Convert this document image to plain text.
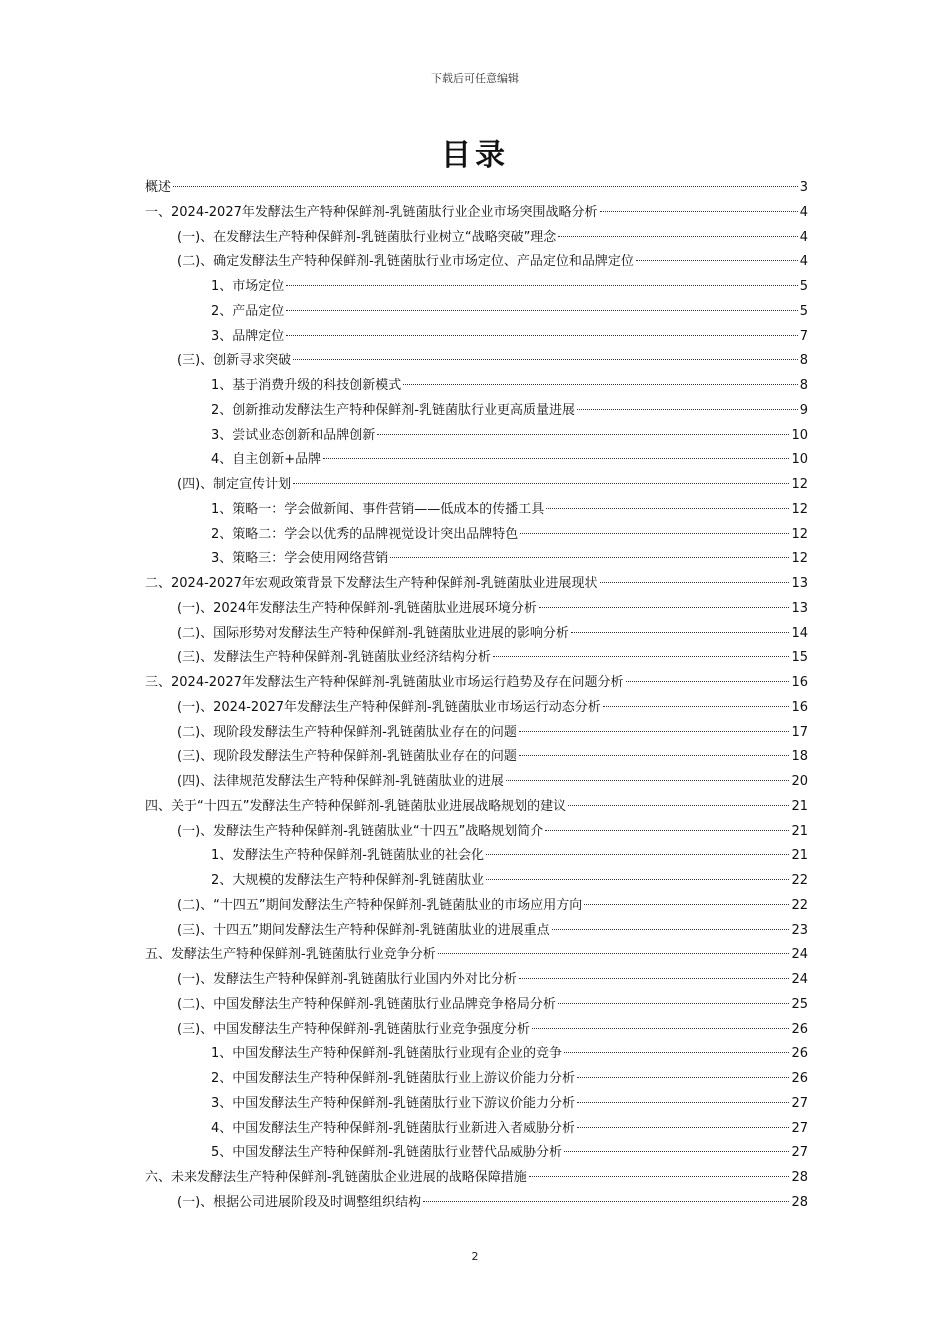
下载后可任意编辑
目录
概述	3
一、2024-2027年发酵法生产特种保鲜剂-乳链菌肽行业企业市场突围战略分析	4
(一)、在发酵法生产特种保鲜剂-乳链菌肽行业树立“战略突破”理念	4
(二)、确定发酵法生产特种保鲜剂-乳链菌肽行业市场定位、产品定位和品牌定位	4
1、市场定位	5
2、产品定位	5
3、品牌定位	7
(三)、创新寻求突破	8
1、基于消费升级的科技创新模式	8
2、创新推动发酵法生产特种保鲜剂-乳链菌肽行业更高质量进展	9
3、尝试业态创新和品牌创新	10
4、自主创新+品牌	10
(四)、制定宣传计划	12
1、策略一：学会做新闻、事件营销——低成本的传播工具	12
2、策略二：学会以优秀的品牌视觉设计突出品牌特色	12
3、策略三：学会使用网络营销	12
二、2024-2027年宏观政策背景下发酵法生产特种保鲜剂-乳链菌肽业进展现状	13
(一)、2024年发酵法生产特种保鲜剂-乳链菌肽业进展环境分析	13
(二)、国际形势对发酵法生产特种保鲜剂-乳链菌肽业进展的影响分析	14
(三)、发酵法生产特种保鲜剂-乳链菌肽业经济结构分析	15
三、2024-2027年发酵法生产特种保鲜剂-乳链菌肽业市场运行趋势及存在问题分析	16
(一)、2024-2027年发酵法生产特种保鲜剂-乳链菌肽业市场运行动态分析	16
(二)、现阶段发酵法生产特种保鲜剂-乳链菌肽业存在的问题	17
(三)、现阶段发酵法生产特种保鲜剂-乳链菌肽业存在的问题	18
(四)、法律规范发酵法生产特种保鲜剂-乳链菌肽业的进展	20
四、关于“十四五”发酵法生产特种保鲜剂-乳链菌肽业进展战略规划的建议	21
(一)、发酵法生产特种保鲜剂-乳链菌肽业“十四五”战略规划简介	21
1、发酵法生产特种保鲜剂-乳链菌肽业的社会化	21
2、大规模的发酵法生产特种保鲜剂-乳链菌肽业	22
(二)、“十四五”期间发酵法生产特种保鲜剂-乳链菌肽业的市场应用方向	22
(三)、十四五”期间发酵法生产特种保鲜剂-乳链菌肽业的进展重点	23
五、发酵法生产特种保鲜剂-乳链菌肽行业竞争分析	24
(一)、发酵法生产特种保鲜剂-乳链菌肽行业国内外对比分析	24
(二)、中国发酵法生产特种保鲜剂-乳链菌肽行业品牌竞争格局分析	25
(三)、中国发酵法生产特种保鲜剂-乳链菌肽行业竞争强度分析	26
1、中国发酵法生产特种保鲜剂-乳链菌肽行业现有企业的竞争	26
2、中国发酵法生产特种保鲜剂-乳链菌肽行业上游议价能力分析	26
3、中国发酵法生产特种保鲜剂-乳链菌肽行业下游议价能力分析	27
4、中国发酵法生产特种保鲜剂-乳链菌肽行业新进入者威胁分析	27
5、中国发酵法生产特种保鲜剂-乳链菌肽行业替代品威胁分析	27
六、未来发酵法生产特种保鲜剂-乳链菌肽企业进展的战略保障措施	28
(一)、根据公司进展阶段及时调整组织结构	28
2
